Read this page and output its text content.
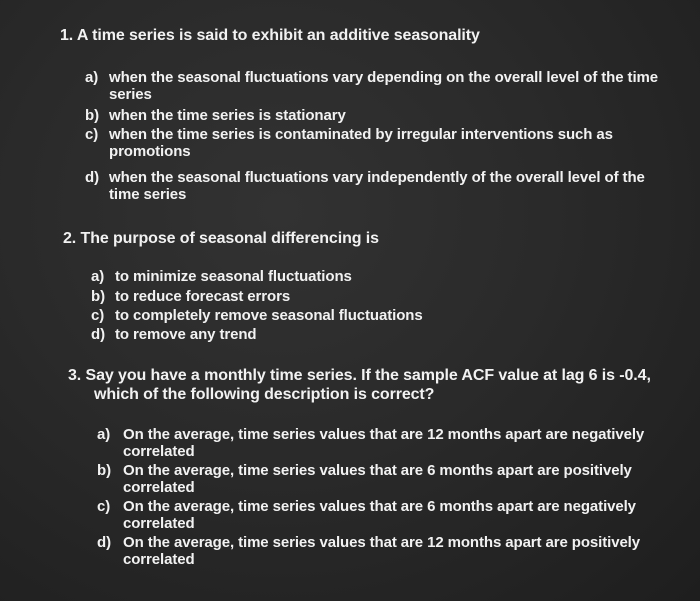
1. A time series is said to exhibit an additive seasonality
a) when the seasonal fluctuations vary depending on the overall level of the time series
b) when the time series is stationary
c) when the time series is contaminated by irregular interventions such as promotions
d) when the seasonal fluctuations vary independently of the overall level of the time series
2. The purpose of seasonal differencing is
a) to minimize seasonal fluctuations
b) to reduce forecast errors
c) to completely remove seasonal fluctuations
d) to remove any trend
3. Say you have a monthly time series. If the sample ACF value at lag 6 is -0.4,
which of the following description is correct?
a) On the average, time series values that are 12 months apart are negatively correlated
b) On the average, time series values that are 6 months apart are positively correlated
c) On the average, time series values that are 6 months apart are negatively correlated
d) On the average, time series values that are 12 months apart are positively correlated
